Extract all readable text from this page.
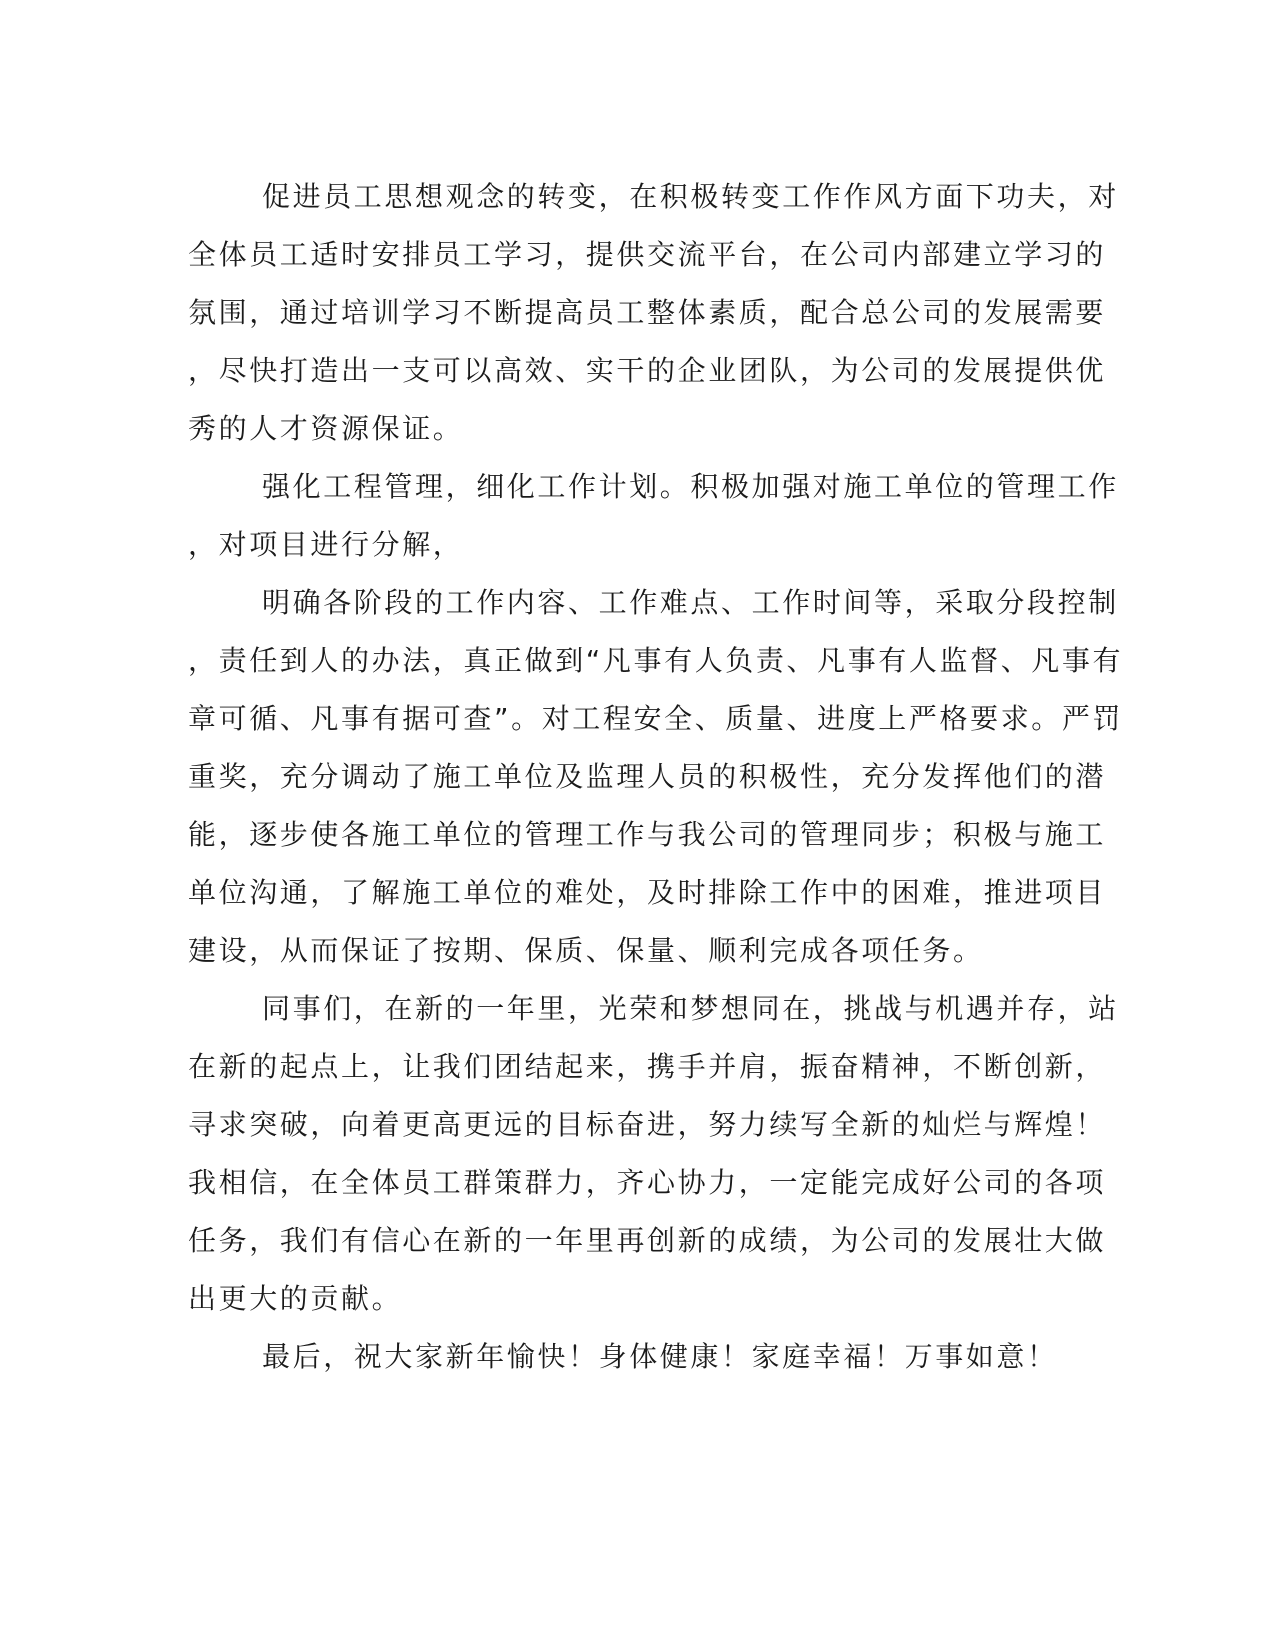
促进员工思想观念的转变，在积极转变工作作风方面下功夫，对
全体员工适时安排员工学习，提供交流平台，在公司内部建立学习的
氛围，通过培训学习不断提高员工整体素质，配合总公司的发展需要
，尽快打造出一支可以高效、实干的企业团队，为公司的发展提供优
秀的人才资源保证。
强化工程管理，细化工作计划。积极加强对施工单位的管理工作
，对项目进行分解，
明确各阶段的工作内容、工作难点、工作时间等，采取分段控制
，责任到人的办法，真正做到“凡事有人负责、凡事有人监督、凡事有
章可循、凡事有据可查”。对工程安全、质量、进度上严格要求。严罚
重奖，充分调动了施工单位及监理人员的积极性，充分发挥他们的潜
能，逐步使各施工单位的管理工作与我公司的管理同步；积极与施工
单位沟通，了解施工单位的难处，及时排除工作中的困难，推进项目
建设，从而保证了按期、保质、保量、顺利完成各项任务。
同事们，在新的一年里，光荣和梦想同在，挑战与机遇并存，站
在新的起点上，让我们团结起来，携手并肩，振奋精神，不断创新，
寻求突破，向着更高更远的目标奋进，努力续写全新的灿烂与辉煌！
我相信，在全体员工群策群力，齐心协力，一定能完成好公司的各项
任务，我们有信心在新的一年里再创新的成绩，为公司的发展壮大做
出更大的贡献。
最后，祝大家新年愉快！身体健康！家庭幸福！万事如意！
